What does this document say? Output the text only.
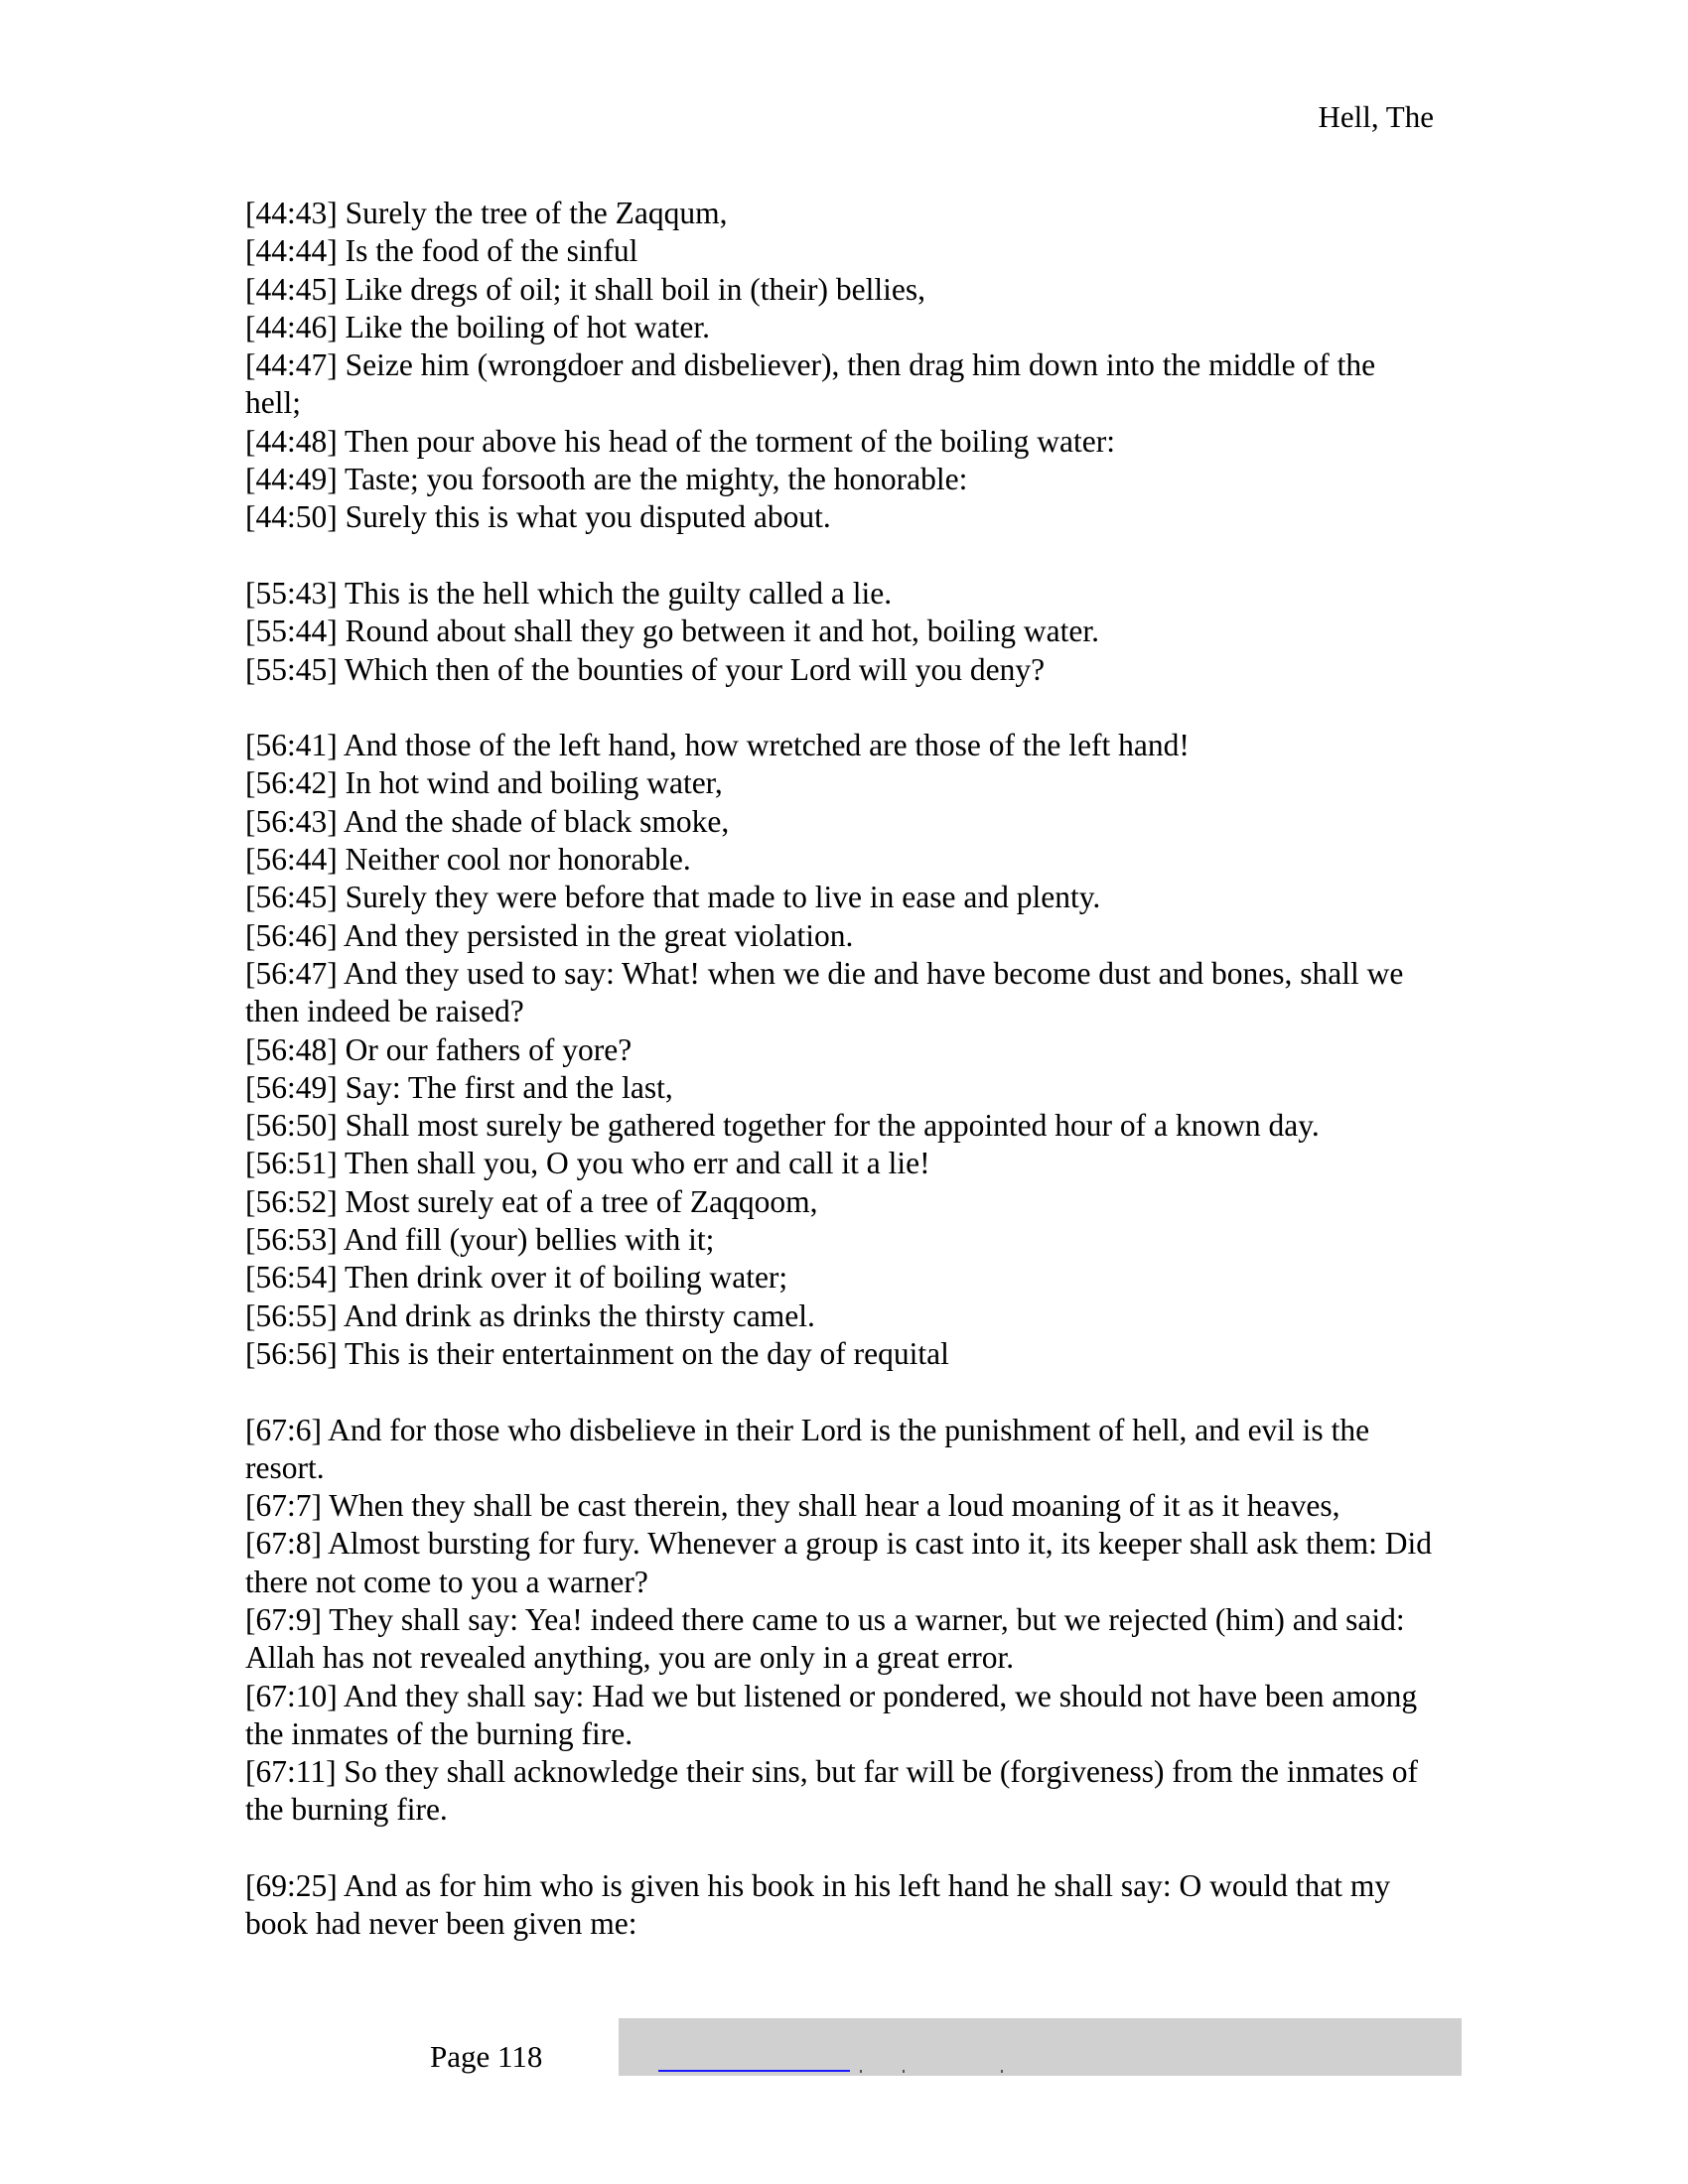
Hell, The
[44:43] Surely the tree of the Zaqqum,
[44:44] Is the food of the sinful
[44:45] Like dregs of oil; it shall boil in (their) bellies,
[44:46] Like the boiling of hot water.
[44:47] Seize him (wrongdoer and disbeliever), then drag him down into the middle of the hell;
[44:48] Then pour above his head of the torment of the boiling water:
[44:49] Taste; you forsooth are the mighty, the honorable:
[44:50] Surely this is what you disputed about.
[55:43] This is the hell which the guilty called a lie.
[55:44] Round about shall they go between it and hot, boiling water.
[55:45] Which then of the bounties of your Lord will you deny?
[56:41] And those of the left hand, how wretched are those of the left hand!
[56:42] In hot wind and boiling water,
[56:43] And the shade of black smoke,
[56:44] Neither cool nor honorable.
[56:45] Surely they were before that made to live in ease and plenty.
[56:46] And they persisted in the great violation.
[56:47] And they used to say: What! when we die and have become dust and bones, shall we then indeed be raised?
[56:48] Or our fathers of yore?
[56:49] Say: The first and the last,
[56:50] Shall most surely be gathered together for the appointed hour of a known day.
[56:51] Then shall you, O you who err and call it a lie!
[56:52] Most surely eat of a tree of Zaqqoom,
[56:53] And fill (your) bellies with it;
[56:54] Then drink over it of boiling water;
[56:55] And drink as drinks the thirsty camel.
[56:56] This is their entertainment on the day of requital
[67:6] And for those who disbelieve in their Lord is the punishment of hell, and evil is the resort.
[67:7] When they shall be cast therein, they shall hear a loud moaning of it as it heaves,
[67:8] Almost bursting for fury. Whenever a group is cast into it, its keeper shall ask them: Did there not come to you a warner?
[67:9] They shall say: Yea! indeed there came to us a warner, but we rejected (him) and said: Allah has not revealed anything, you are only in a great error.
[67:10] And they shall say: Had we but listened or pondered, we should not have been among the inmates of the burning fire.
[67:11] So they shall acknowledge their sins, but far will be (forgiveness) from the inmates of the burning fire.
[69:25] And as for him who is given his book in his left hand he shall say: O would that my book had never been given me:
Page 118
